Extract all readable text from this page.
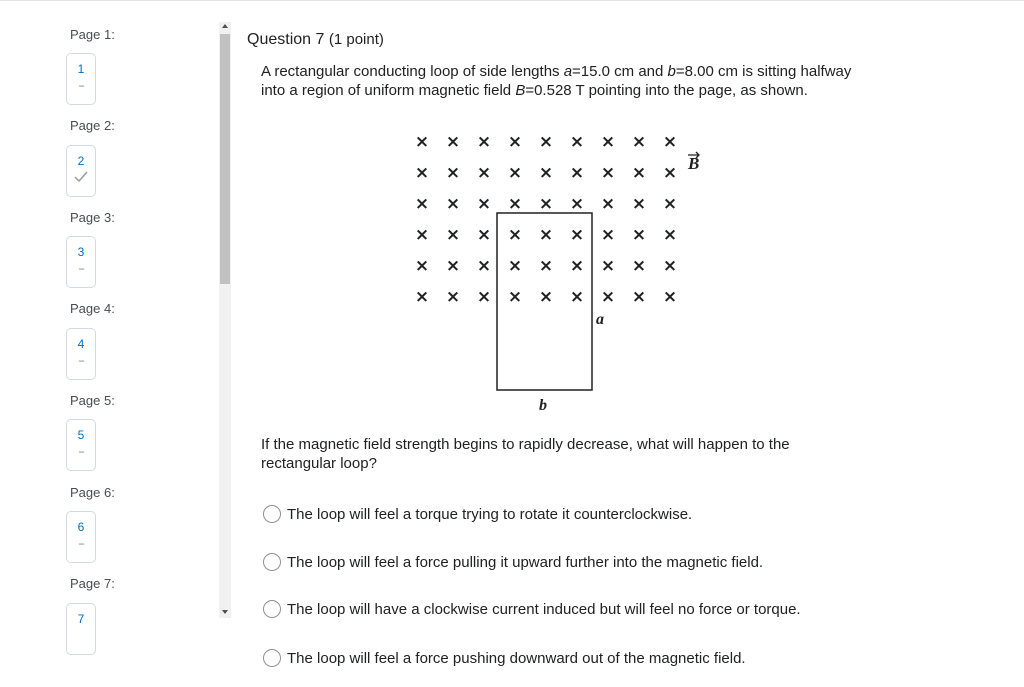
Page 1:
1
--
Page 2:
2
Page 3:
3
--
Page 4:
4
--
Page 5:
5
--
Page 6:
6
--
Page 7:
7
Question 7 (1 point)
A rectangular conducting loop of side lengths a=15.0 cm and b=8.00 cm is sitting halfway into a region of uniform magnetic field B=0.528 T pointing into the page, as shown.
× × × × × × × × ×
× × × × × × × × ×
× × × × × × × × ×
× × × × × × × × ×
× × × × × × × × ×
× × × × × × × × ×
a
b
B
If the magnetic field strength begins to rapidly decrease, what will happen to the rectangular loop?
The loop will feel a torque trying to rotate it counterclockwise.
The loop will feel a force pulling it upward further into the magnetic field.
The loop will have a clockwise current induced but will feel no force or torque.
The loop will feel a force pushing downward out of the magnetic field.
